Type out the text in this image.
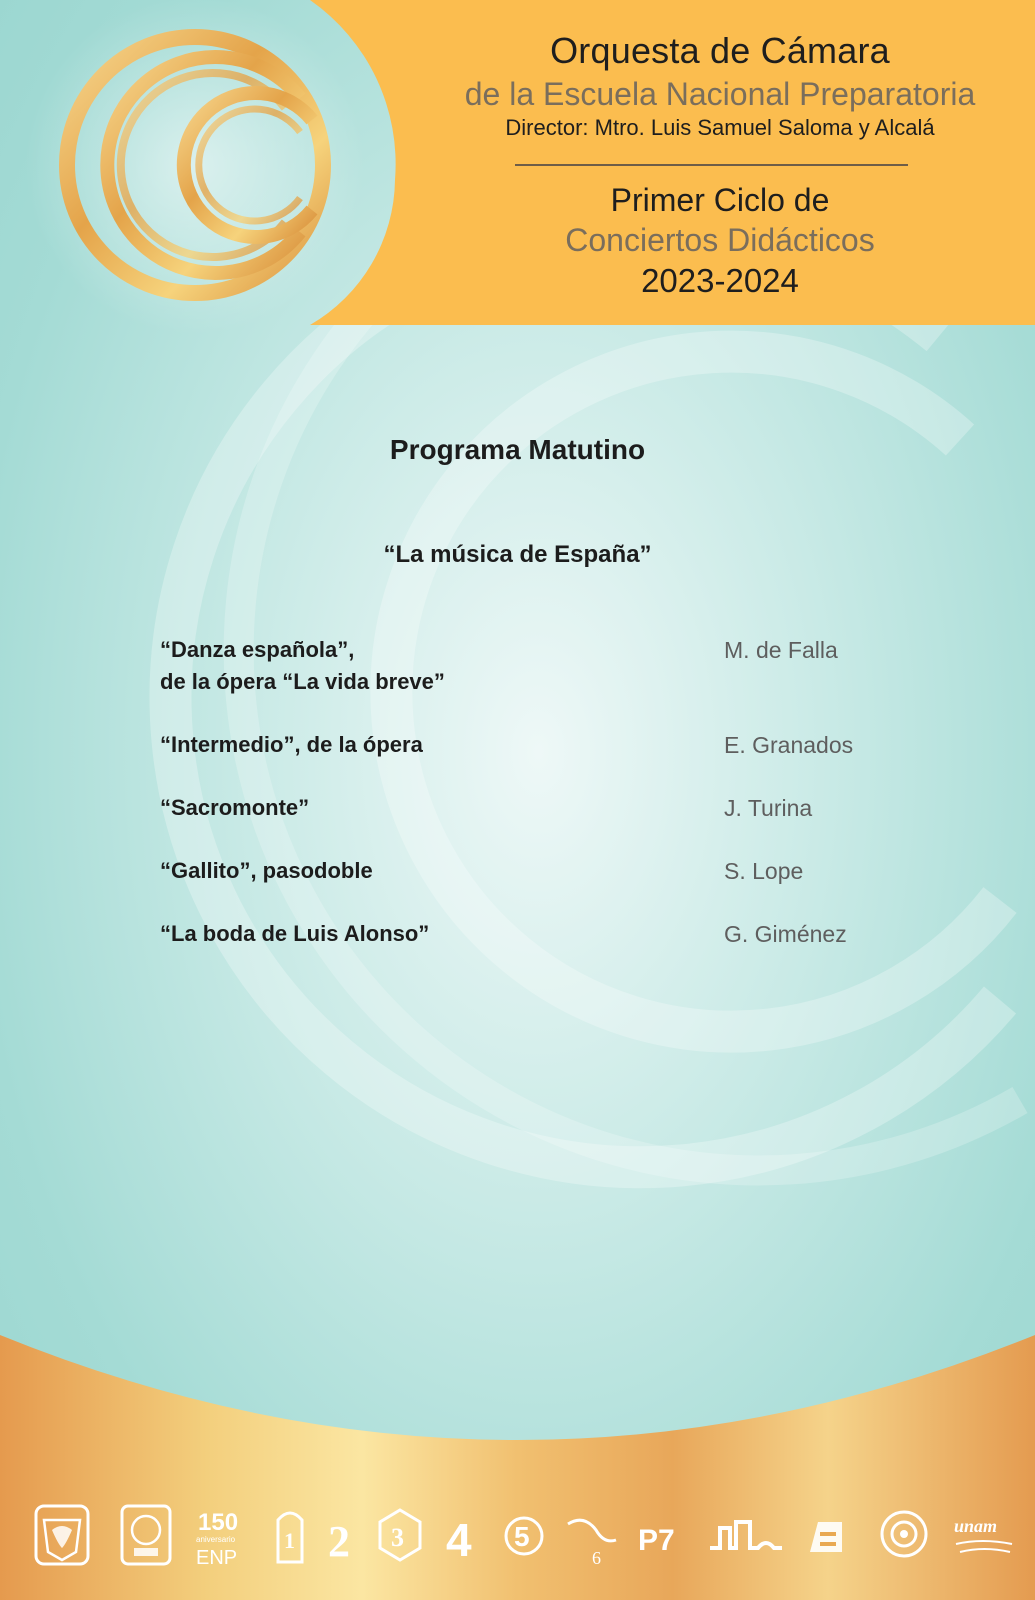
Orquesta de Cámara
de la Escuela Nacional Preparatoria
Director: Mtro. Luis Samuel Saloma y Alcalá
Primer Ciclo de
Conciertos Didácticos
2023-2024
Programa Matutino
“La música de España”
“Danza española”,
de la ópera “La vida breve”
M. de Falla
“Intermedio”, de la ópera	E. Granados
“Sacromonte”	J. Turina
“Gallito”, pasodoble	S. Lope
“La boda de Luis Alonso”	G. Giménez
150
aniversario
ENP
1 2 3 4 5
6
P7	unam
